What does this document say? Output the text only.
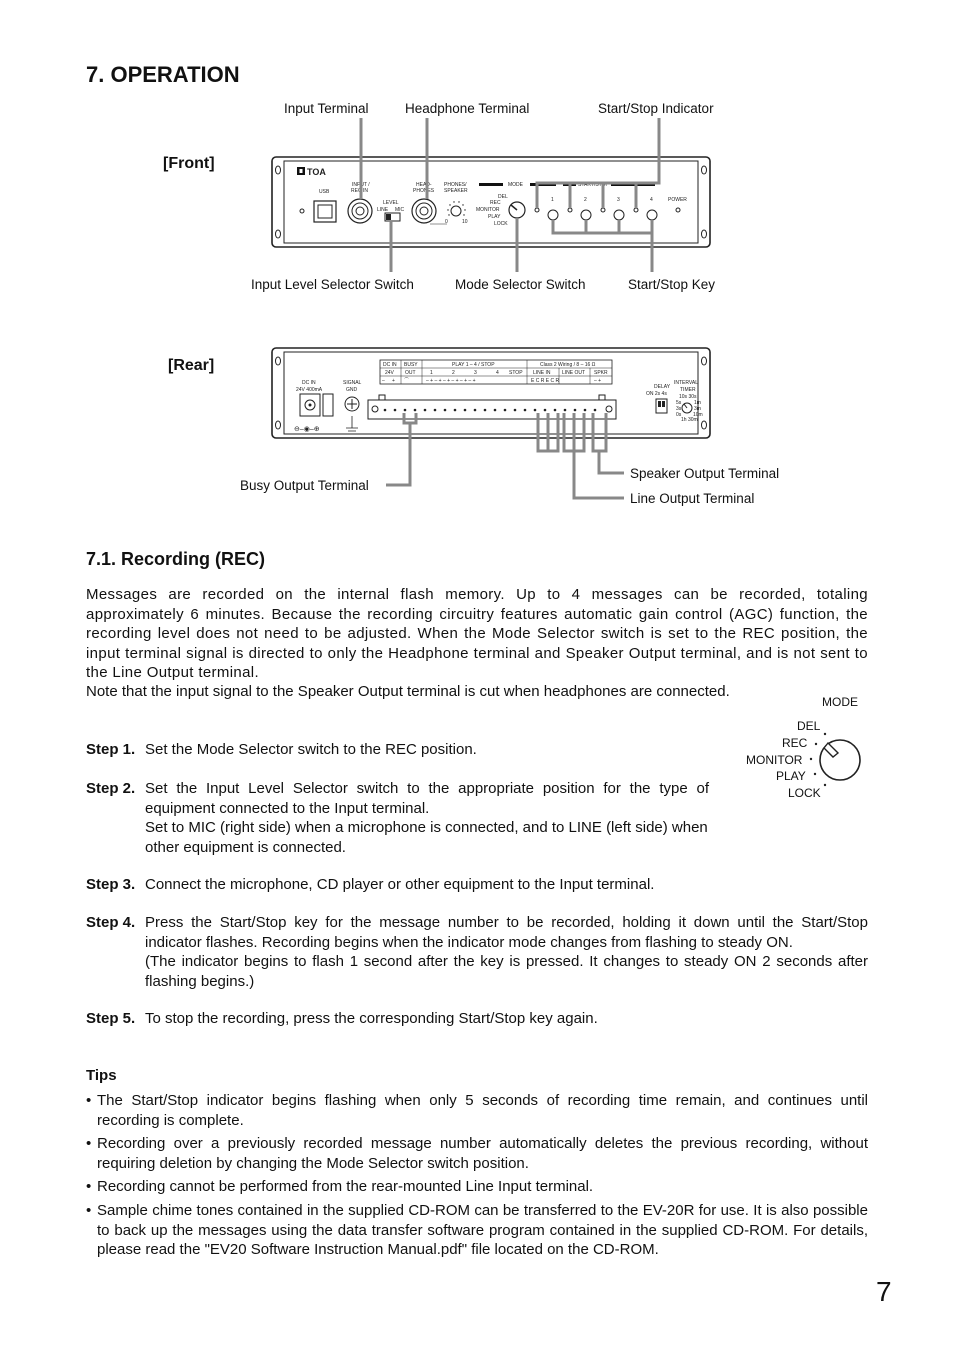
7. OPERATION
[Front]
Input Terminal	Headphone Terminal	Start/Stop Indicator
Input Level Selector Switch	Mode Selector Switch	Start/Stop Key
TOA
USB
INPUT /
REC IN
LEVEL
LINE MIC
HEAD-
PHONES
PHONES/
SPEAKER
0	10
MODE
DEL
REC
MONITOR
PLAY
LOCK
START/STOP
1	2	3	4	POWER
DC IN
24V 400mA
⊖–◉–⊕
SIGNAL
GND
DC IN BUSY	PLAY 1 – 4 / STOP	Class 2 Wiring / 8 – 16 Ω
24V OUT	1	2	3	4 STOP LINE IN LINE OUT SPKR
– + ⌒	– + – + – + – + – + – +	E C R E C R	– +
DELAY
ON 2s 4s
INTERVAL
TIMER
10s 30s
5s
3s
0s
1m
3m
10m
1h 30m
[Rear]
Busy Output Terminal
Speaker Output Terminal
Line Output Terminal
7.1. Recording (REC)

Messages are recorded on the internal flash memory. Up to 4 messages can be recorded, totaling approximately 6 minutes. Because the recording circuitry features automatic gain control (AGC) function, the recording level does not need to be adjusted. When the Mode Selector switch is set to the REC position, the input terminal signal is directed to only the Headphone terminal and Speaker Output terminal, and is not sent to the Line Output terminal.

Note that the input signal to the Speaker Output terminal is cut when headphones are connected.

MODE
DEL
REC
MONITOR
PLAY
LOCK
Step 1. Set the Mode Selector switch to the REC position.

Step 2. Set the Input Level Selector switch to the appropriate position for the type of equipment connected to the Input terminal.

Set to MIC (right side) when a microphone is connected, and to LINE (left side) when other equipment is connected.

Step 3. Connect the microphone, CD player or other equipment to the Input terminal.

Step 4. Press the Start/Stop key for the message number to be recorded, holding it down until the Start/Stop indicator flashes. Recording begins when the indicator mode changes from flashing to steady ON.

(The indicator begins to flash 1 second after the key is pressed. It changes to steady ON 2 seconds after flashing begins.)

Step 5. To stop the recording, press the corresponding Start/Stop key again.

Tips
• The Start/Stop indicator begins flashing when only 5 seconds of recording time remain, and continues until recording is complete.
• Recording over a previously recorded message number automatically deletes the previous recording, without requiring deletion by changing the Mode Selector switch position.
• Recording cannot be performed from the rear-mounted Line Input terminal.
• Sample chime tones contained in the supplied CD-ROM can be transferred to the EV-20R for use. It is also possible to back up the messages using the data transfer software program contained in the supplied CD-ROM. For details, please read the "EV20 Software Instruction Manual.pdf" file located on the CD-ROM.
7
